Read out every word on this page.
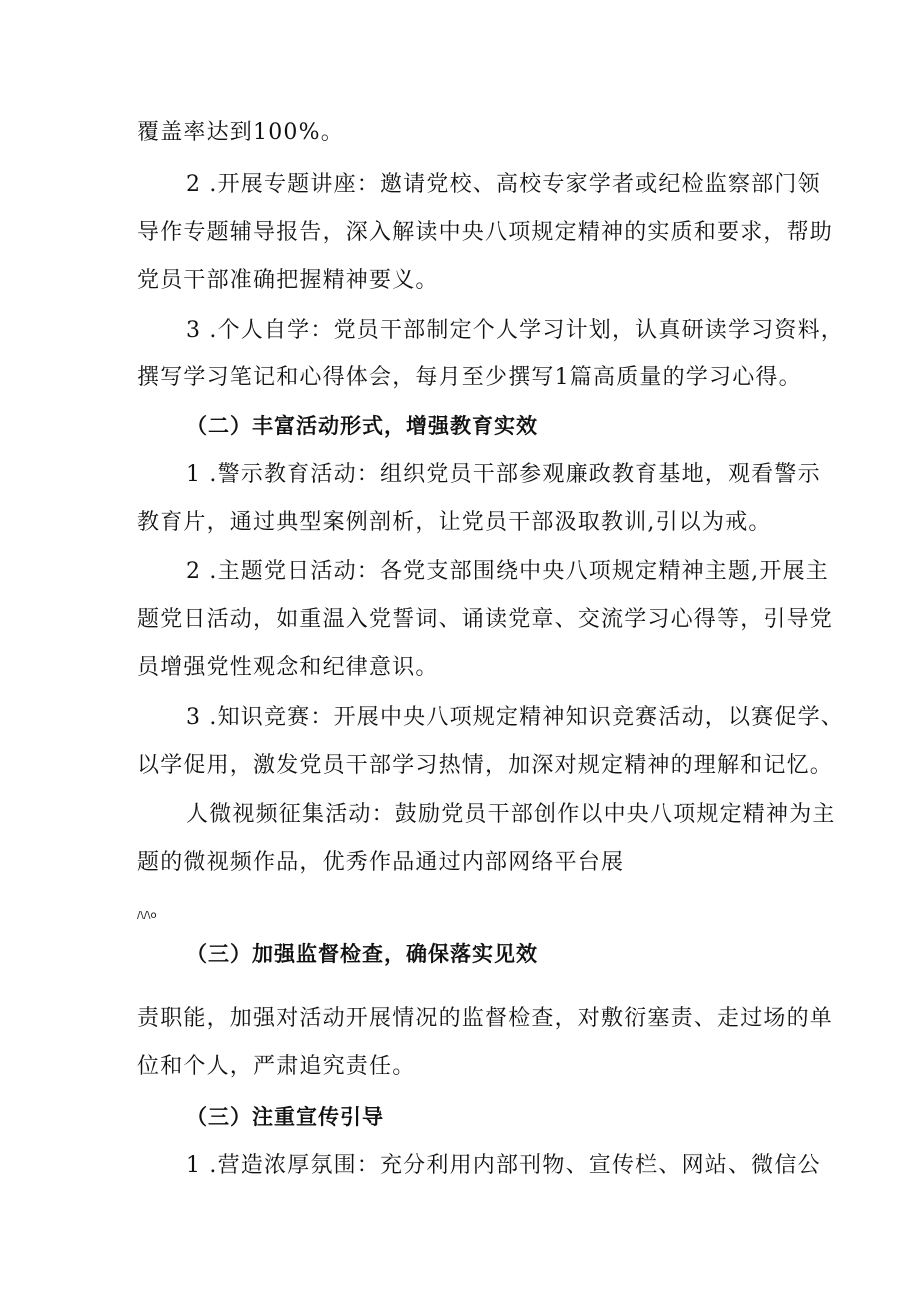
覆盖率达到100%。
2 .开展专题讲座：邀请党校、高校专家学者或纪检监察部门领
导作专题辅导报告，深入解读中央八项规定精神的实质和要求，帮助
党员干部准确把握精神要义。
3 .个人自学：党员干部制定个人学习计划，认真研读学习资料，
撰写学习笔记和心得体会，每月至少撰写1篇高质量的学习心得。
（二）丰富活动形式，增强教育实效
1 .警示教育活动：组织党员干部参观廉政教育基地，观看警示
教育片，通过典型案例剖析，让党员干部汲取教训,引以为戒。
2 .主题党日活动：各党支部围绕中央八项规定精神主题,开展主
题党日活动，如重温入党誓词、诵读党章、交流学习心得等，引导党
员增强党性观念和纪律意识。
3 .知识竞赛：开展中央八项规定精神知识竞赛活动，以赛促学、
以学促用，激发党员干部学习热情，加深对规定精神的理解和记忆。
人微视频征集活动：鼓励党员干部创作以中央八项规定精神为主
题的微视频作品，优秀作品通过内部网络平台展
/\/\o
（三）加强监督检查，确保落实见效
责职能，加强对活动开展情况的监督检查，对敷衍塞责、走过场的单
位和个人，严肃追究责任。
（三）注重宣传引导
1 .营造浓厚氛围：充分利用内部刊物、宣传栏、网站、微信公
